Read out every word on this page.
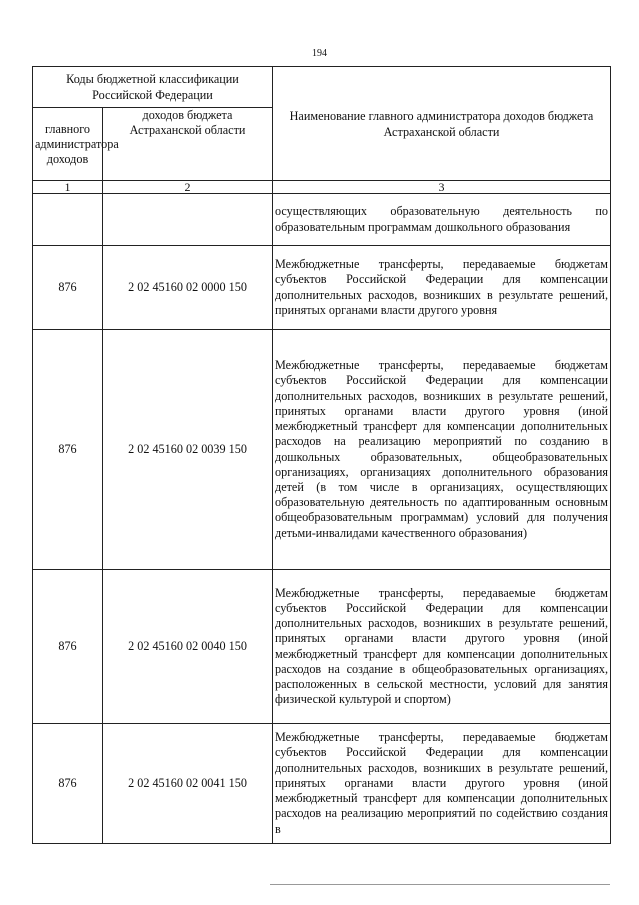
194
Коды бюджетной классификации Российской Федерации		Наименование главного администратора доходов бюджета Астраханской области
главного администратора доходов	доходов бюджета Астраханской области	
1	2	3

		осуществляющих образовательную деятельность по образовательным программам дошкольного образования

876	2 02 45160 02 0000 150	Межбюджетные трансферты, передаваемые бюджетам субъектов Российской Федерации для компенсации дополнительных расходов, возникших в результате решений, принятых органами власти другого уровня

876	2 02 45160 02 0039 150	Межбюджетные трансферты, передаваемые бюджетам субъектов Российской Федерации для компенсации дополнительных расходов, возникших в результате решений, принятых органами власти другого уровня (иной межбюджетный трансферт для компенсации дополнительных расходов на реализацию мероприятий по созданию в дошкольных образовательных, общеобразовательных организациях, организациях дополнительного образования детей (в том числе в организациях, осуществляющих образовательную деятельность по адаптированным основным общеобразовательным программам) условий для получения детьми-инвалидами качественного образования)

876	2 02 45160 02 0040 150	Межбюджетные трансферты, передаваемые бюджетам субъектов Российской Федерации для компенсации дополнительных расходов, возникших в результате решений, принятых органами власти другого уровня (иной межбюджетный трансферт для компенсации дополнительных расходов на создание в общеобразовательных организациях, расположенных в сельской местности, условий для занятия физической культурой и спортом)

876	2 02 45160 02 0041 150	Межбюджетные трансферты, передаваемые бюджетам субъектов Российской Федерации для компенсации дополнительных расходов, возникших в результате решений, принятых органами власти другого уровня (иной межбюджетный трансферт для компенсации дополнительных расходов на реализацию мероприятий по содействию создания в
